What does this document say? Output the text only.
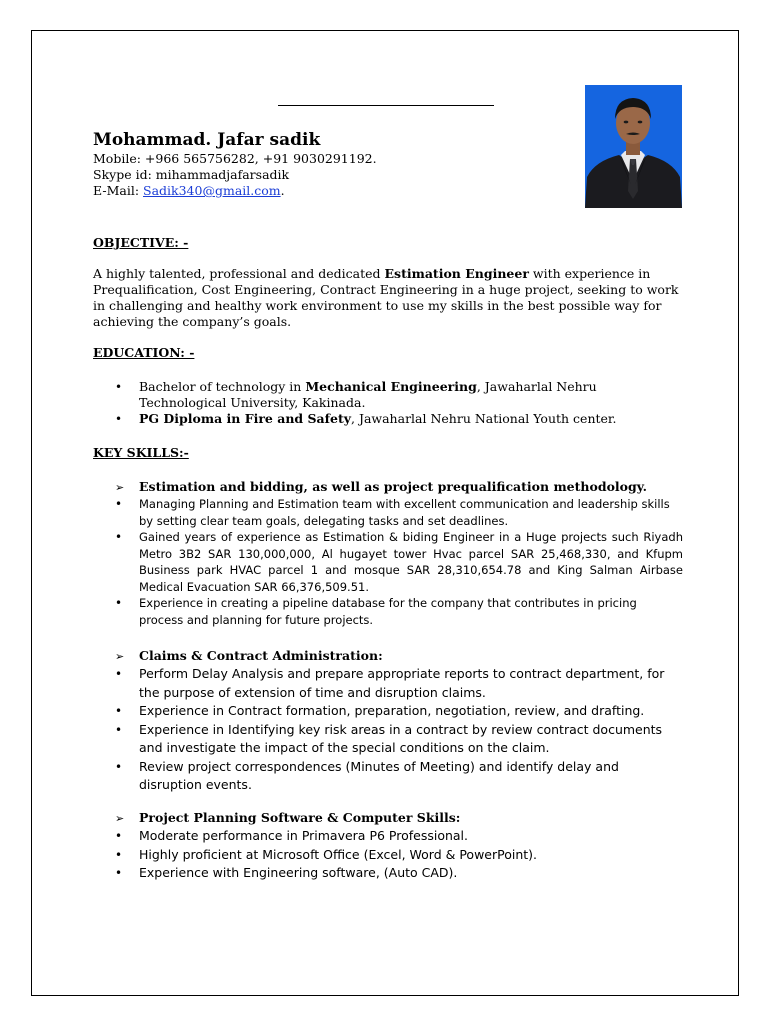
Mohammad. Jafar sadik
Mobile: +966 565756282, +91 9030291192.
Skype id: mihammadjafarsadik
E-Mail: Sadik340@gmail.com.
OBJECTIVE: -
A highly talented, professional and dedicated Estimation Engineer with experience in Prequalification, Cost Engineering, Contract Engineering in a huge project, seeking to work in challenging and healthy work environment to use my skills in the best possible way for achieving the company’s goals.
EDUCATION: -
• Bachelor of technology in Mechanical Engineering, Jawaharlal Nehru Technological University, Kakinada.
• PG Diploma in Fire and Safety, Jawaharlal Nehru National Youth center.
KEY SKILLS:-
➢ Estimation and bidding, as well as project prequalification methodology.
• Managing Planning and Estimation team with excellent communication and leadership skills by setting clear team goals, delegating tasks and set deadlines.
• Gained years of experience as Estimation & biding Engineer in a Huge projects such Riyadh Metro 3B2 SAR 130,000,000, Al hugayet tower Hvac parcel SAR 25,468,330, and Kfupm Business park HVAC parcel 1 and mosque SAR 28,310,654.78 and King Salman Airbase Medical Evacuation SAR 66,376,509.51.
• Experience in creating a pipeline database for the company that contributes in pricing process and planning for future projects.
➢ Claims & Contract Administration:
• Perform Delay Analysis and prepare appropriate reports to contract department, for the purpose of extension of time and disruption claims.
• Experience in Contract formation, preparation, negotiation, review, and drafting.
• Experience in Identifying key risk areas in a contract by review contract documents and investigate the impact of the special conditions on the claim.
• Review project correspondences (Minutes of Meeting) and identify delay and disruption events.
➢ Project Planning Software & Computer Skills:
• Moderate performance in Primavera P6 Professional.
• Highly proficient at Microsoft Office (Excel, Word & PowerPoint).
• Experience with Engineering software, (Auto CAD).
